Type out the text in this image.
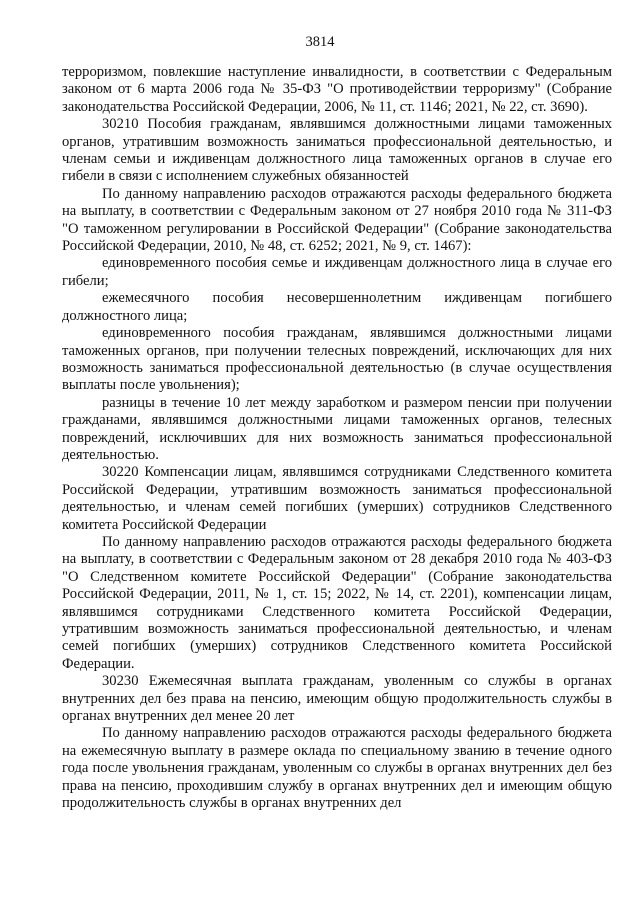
3814

терроризмом, повлекшие наступление инвалидности, в соответствии с Федеральным законом от 6 марта 2006 года № 35-ФЗ "О противодействии терроризму" (Собрание законодательства Российской Федерации, 2006, № 11, ст. 1146; 2021, № 22, ст. 3690).

30210 Пособия гражданам, являвшимся должностными лицами таможенных органов, утратившим возможность заниматься профессиональной деятельностью, и членам семьи и иждивенцам должностного лица таможенных органов в случае его гибели в связи с исполнением служебных обязанностей

По данному направлению расходов отражаются расходы федерального бюджета на выплату, в соответствии с Федеральным законом от 27 ноября 2010 года № 311-ФЗ "О таможенном регулировании в Российской Федерации" (Собрание законодательства Российской Федерации, 2010, № 48, ст. 6252; 2021, № 9, ст. 1467):

единовременного пособия семье и иждивенцам должностного лица в случае его гибели;

ежемесячного пособия несовершеннолетним иждивенцам погибшего должностного лица;

единовременного пособия гражданам, являвшимся должностными лицами таможенных органов, при получении телесных повреждений, исключающих для них возможность заниматься профессиональной деятельностью (в случае осуществления выплаты после увольнения);

разницы в течение 10 лет между заработком и размером пенсии при получении гражданами, являвшимся должностными лицами таможенных органов, телесных повреждений, исключивших для них возможность заниматься профессиональной деятельностью.

30220 Компенсации лицам, являвшимся сотрудниками Следственного комитета Российской Федерации, утратившим возможность заниматься профессиональной деятельностью, и членам семей погибших (умерших) сотрудников Следственного комитета Российской Федерации

По данному направлению расходов отражаются расходы федерального бюджета на выплату, в соответствии с Федеральным законом от 28 декабря 2010 года № 403-ФЗ "О Следственном комитете Российской Федерации" (Собрание законодательства Российской Федерации, 2011, № 1, ст. 15; 2022, № 14, ст. 2201), компенсации лицам, являвшимся сотрудниками Следственного комитета Российской Федерации, утратившим возможность заниматься профессиональной деятельностью, и членам семей погибших (умерших) сотрудников Следственного комитета Российской Федерации.

30230 Ежемесячная выплата гражданам, уволенным со службы в органах внутренних дел без права на пенсию, имеющим общую продолжительность службы в органах внутренних дел менее 20 лет

По данному направлению расходов отражаются расходы федерального бюджета на ежемесячную выплату в размере оклада по специальному званию в течение одного года после увольнения гражданам, уволенным со службы в органах внутренних дел без права на пенсию, проходившим службу в органах внутренних дел и имеющим общую продолжительность службы в органах внутренних дел
